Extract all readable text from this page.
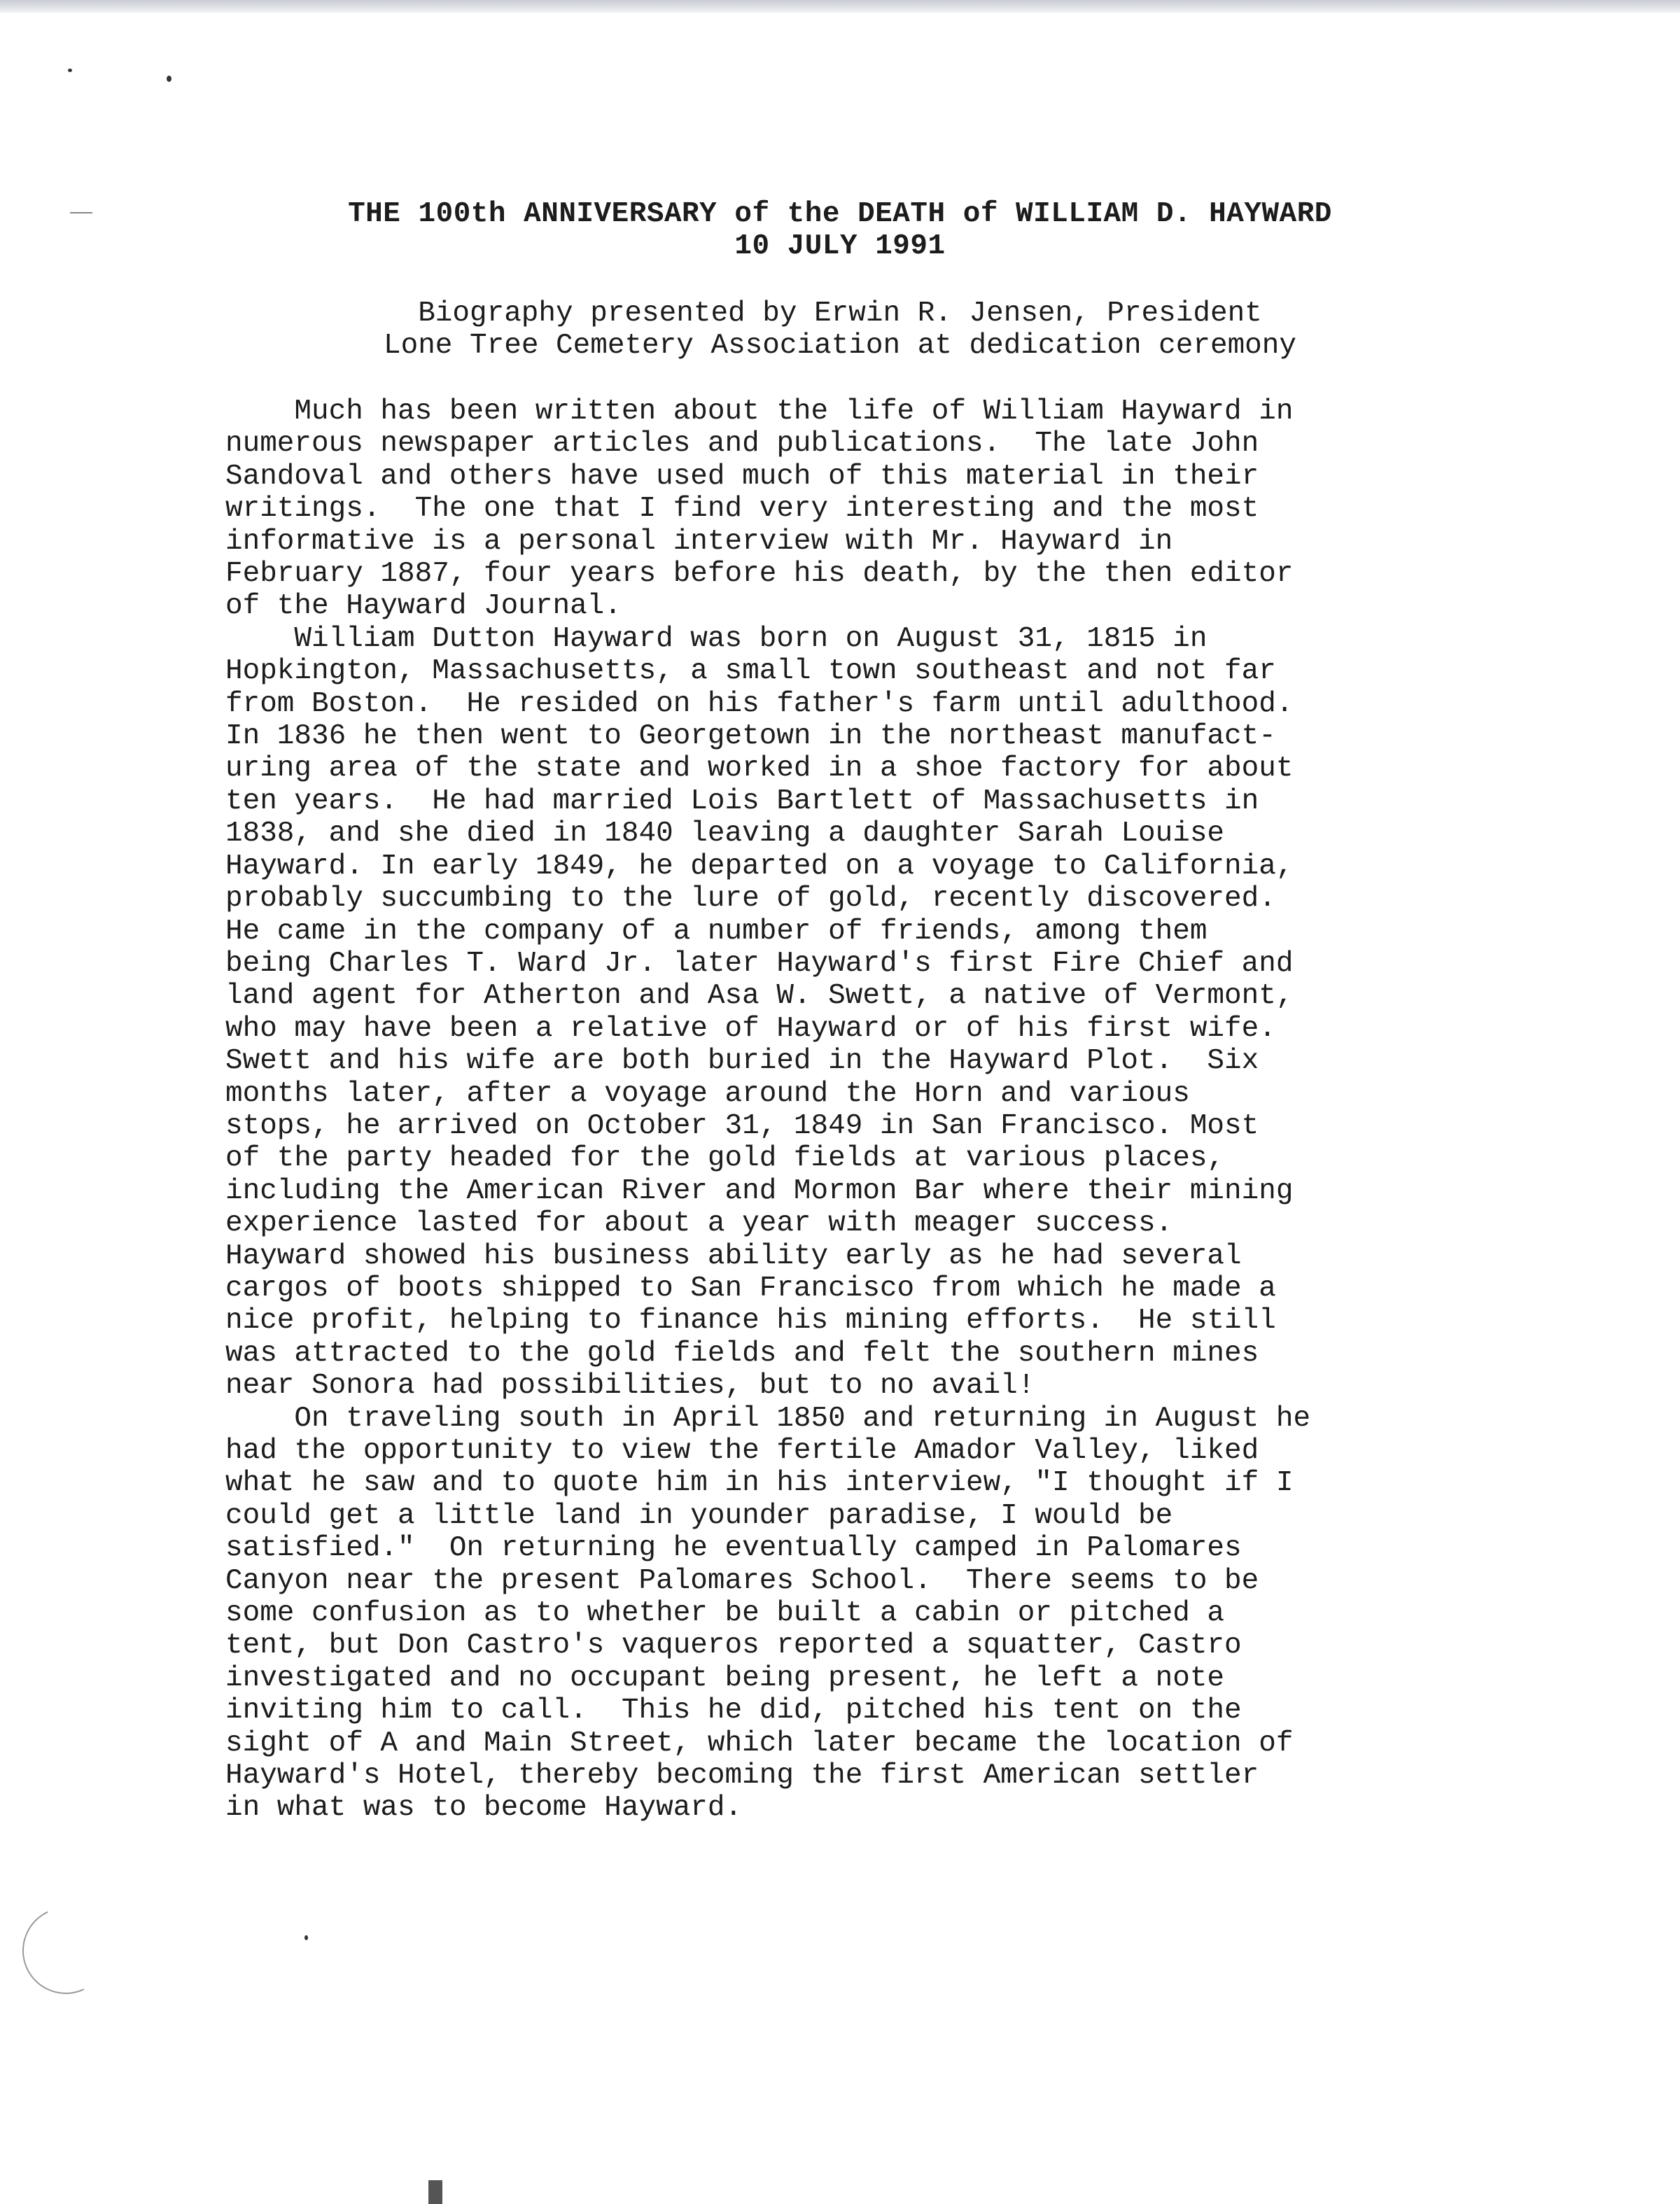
THE 100th ANNIVERSARY of the DEATH of WILLIAM D. HAYWARD
10 JULY 1991
Biography presented by Erwin R. Jensen, President
Lone Tree Cemetery Association at dedication ceremony
Much has been written about the life of William Hayward in
numerous newspaper articles and publications.  The late John
Sandoval and others have used much of this material in their
writings.  The one that I find very interesting and the most
informative is a personal interview with Mr. Hayward in
February 1887, four years before his death, by the then editor
of the Hayward Journal.
William Dutton Hayward was born on August 31, 1815 in
Hopkington, Massachusetts, a small town southeast and not far
from Boston.  He resided on his father's farm until adulthood.
In 1836 he then went to Georgetown in the northeast manufact-
uring area of the state and worked in a shoe factory for about
ten years.  He had married Lois Bartlett of Massachusetts in
1838, and she died in 1840 leaving a daughter Sarah Louise
Hayward. In early 1849, he departed on a voyage to California,
probably succumbing to the lure of gold, recently discovered.
He came in the company of a number of friends, among them
being Charles T. Ward Jr. later Hayward's first Fire Chief and
land agent for Atherton and Asa W. Swett, a native of Vermont,
who may have been a relative of Hayward or of his first wife.
Swett and his wife are both buried in the Hayward Plot.  Six
months later, after a voyage around the Horn and various
stops, he arrived on October 31, 1849 in San Francisco. Most
of the party headed for the gold fields at various places,
including the American River and Mormon Bar where their mining
experience lasted for about a year with meager success.
Hayward showed his business ability early as he had several
cargos of boots shipped to San Francisco from which he made a
nice profit, helping to finance his mining efforts.  He still
was attracted to the gold fields and felt the southern mines
near Sonora had possibilities, but to no avail!
On traveling south in April 1850 and returning in August he
had the opportunity to view the fertile Amador Valley, liked
what he saw and to quote him in his interview, "I thought if I
could get a little land in younder paradise, I would be
satisfied."  On returning he eventually camped in Palomares
Canyon near the present Palomares School.  There seems to be
some confusion as to whether be built a cabin or pitched a
tent, but Don Castro's vaqueros reported a squatter, Castro
investigated and no occupant being present, he left a note
inviting him to call.  This he did, pitched his tent on the
sight of A and Main Street, which later became the location of
Hayward's Hotel, thereby becoming the first American settler
in what was to become Hayward.
